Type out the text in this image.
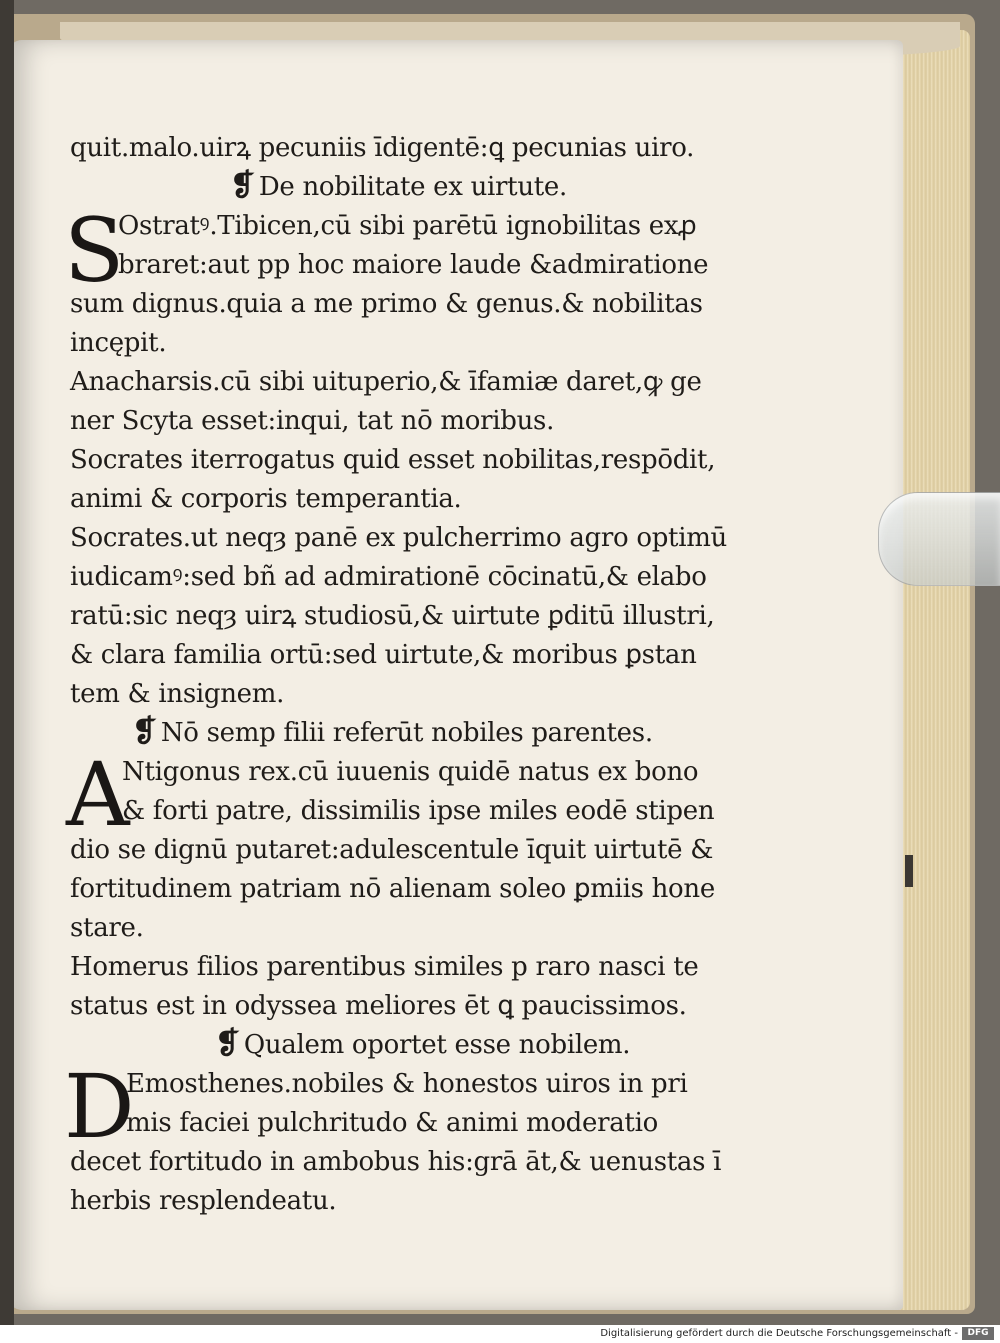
quit.malo.uirꝝ pecuniis īdigentē:ꝗ pecunias uiro.
❡ De nobilitate ex uirtute.
S
Ostratꝰ.Tibicen,cū sibi parētū ignobilitas exꝓ
braret:aut pp hoc maiore laude &admiratione
sum dignus.quia a me primo & genus.& nobilitas
incępit.
Anacharsis.cū sibi uituperio,& īfamiæ daret,ꝙ ge
ner Scyta esset:inqui, tat nō moribus.
Socrates iterrogatus quid esset nobilitas,respōdit,
animi & corporis temperantia.
Socrates.ut neqȝ panē ex pulcherrimo agro optimū
iudicamꝰ:sed bñ ad admirationē cōcinatū,& elabo
ratū:sic neqȝ uirꝝ studiosū,& uirtute ꝑditū illustri,
& clara familia ortū:sed uirtute,& moribus ꝑstan
tem & insignem.
❡ Nō semp filii referūt nobiles parentes.
A
Ntigonus rex.cū iuuenis quidē natus ex bono
& forti patre, dissimilis ipse miles eodē stipen
dio se dignū putaret:adulescentule īquit uirtutē &
fortitudinem patriam nō alienam soleo ꝑmiis hone
stare.
Homerus filios parentibus similes p raro nasci te
status est in odyssea meliores ēt ꝗ paucissimos.
❡ Qualem oportet esse nobilem.
D
Emosthenes.nobiles & honestos uiros in pri
mis faciei pulchritudo & animi moderatio
decet fortitudo in ambobus his:grā āt,& uenustas ī
herbis resplendeatu.
Digitalisierung gefördert durch die Deutsche Forschungsgemeinschaft -	DFG
